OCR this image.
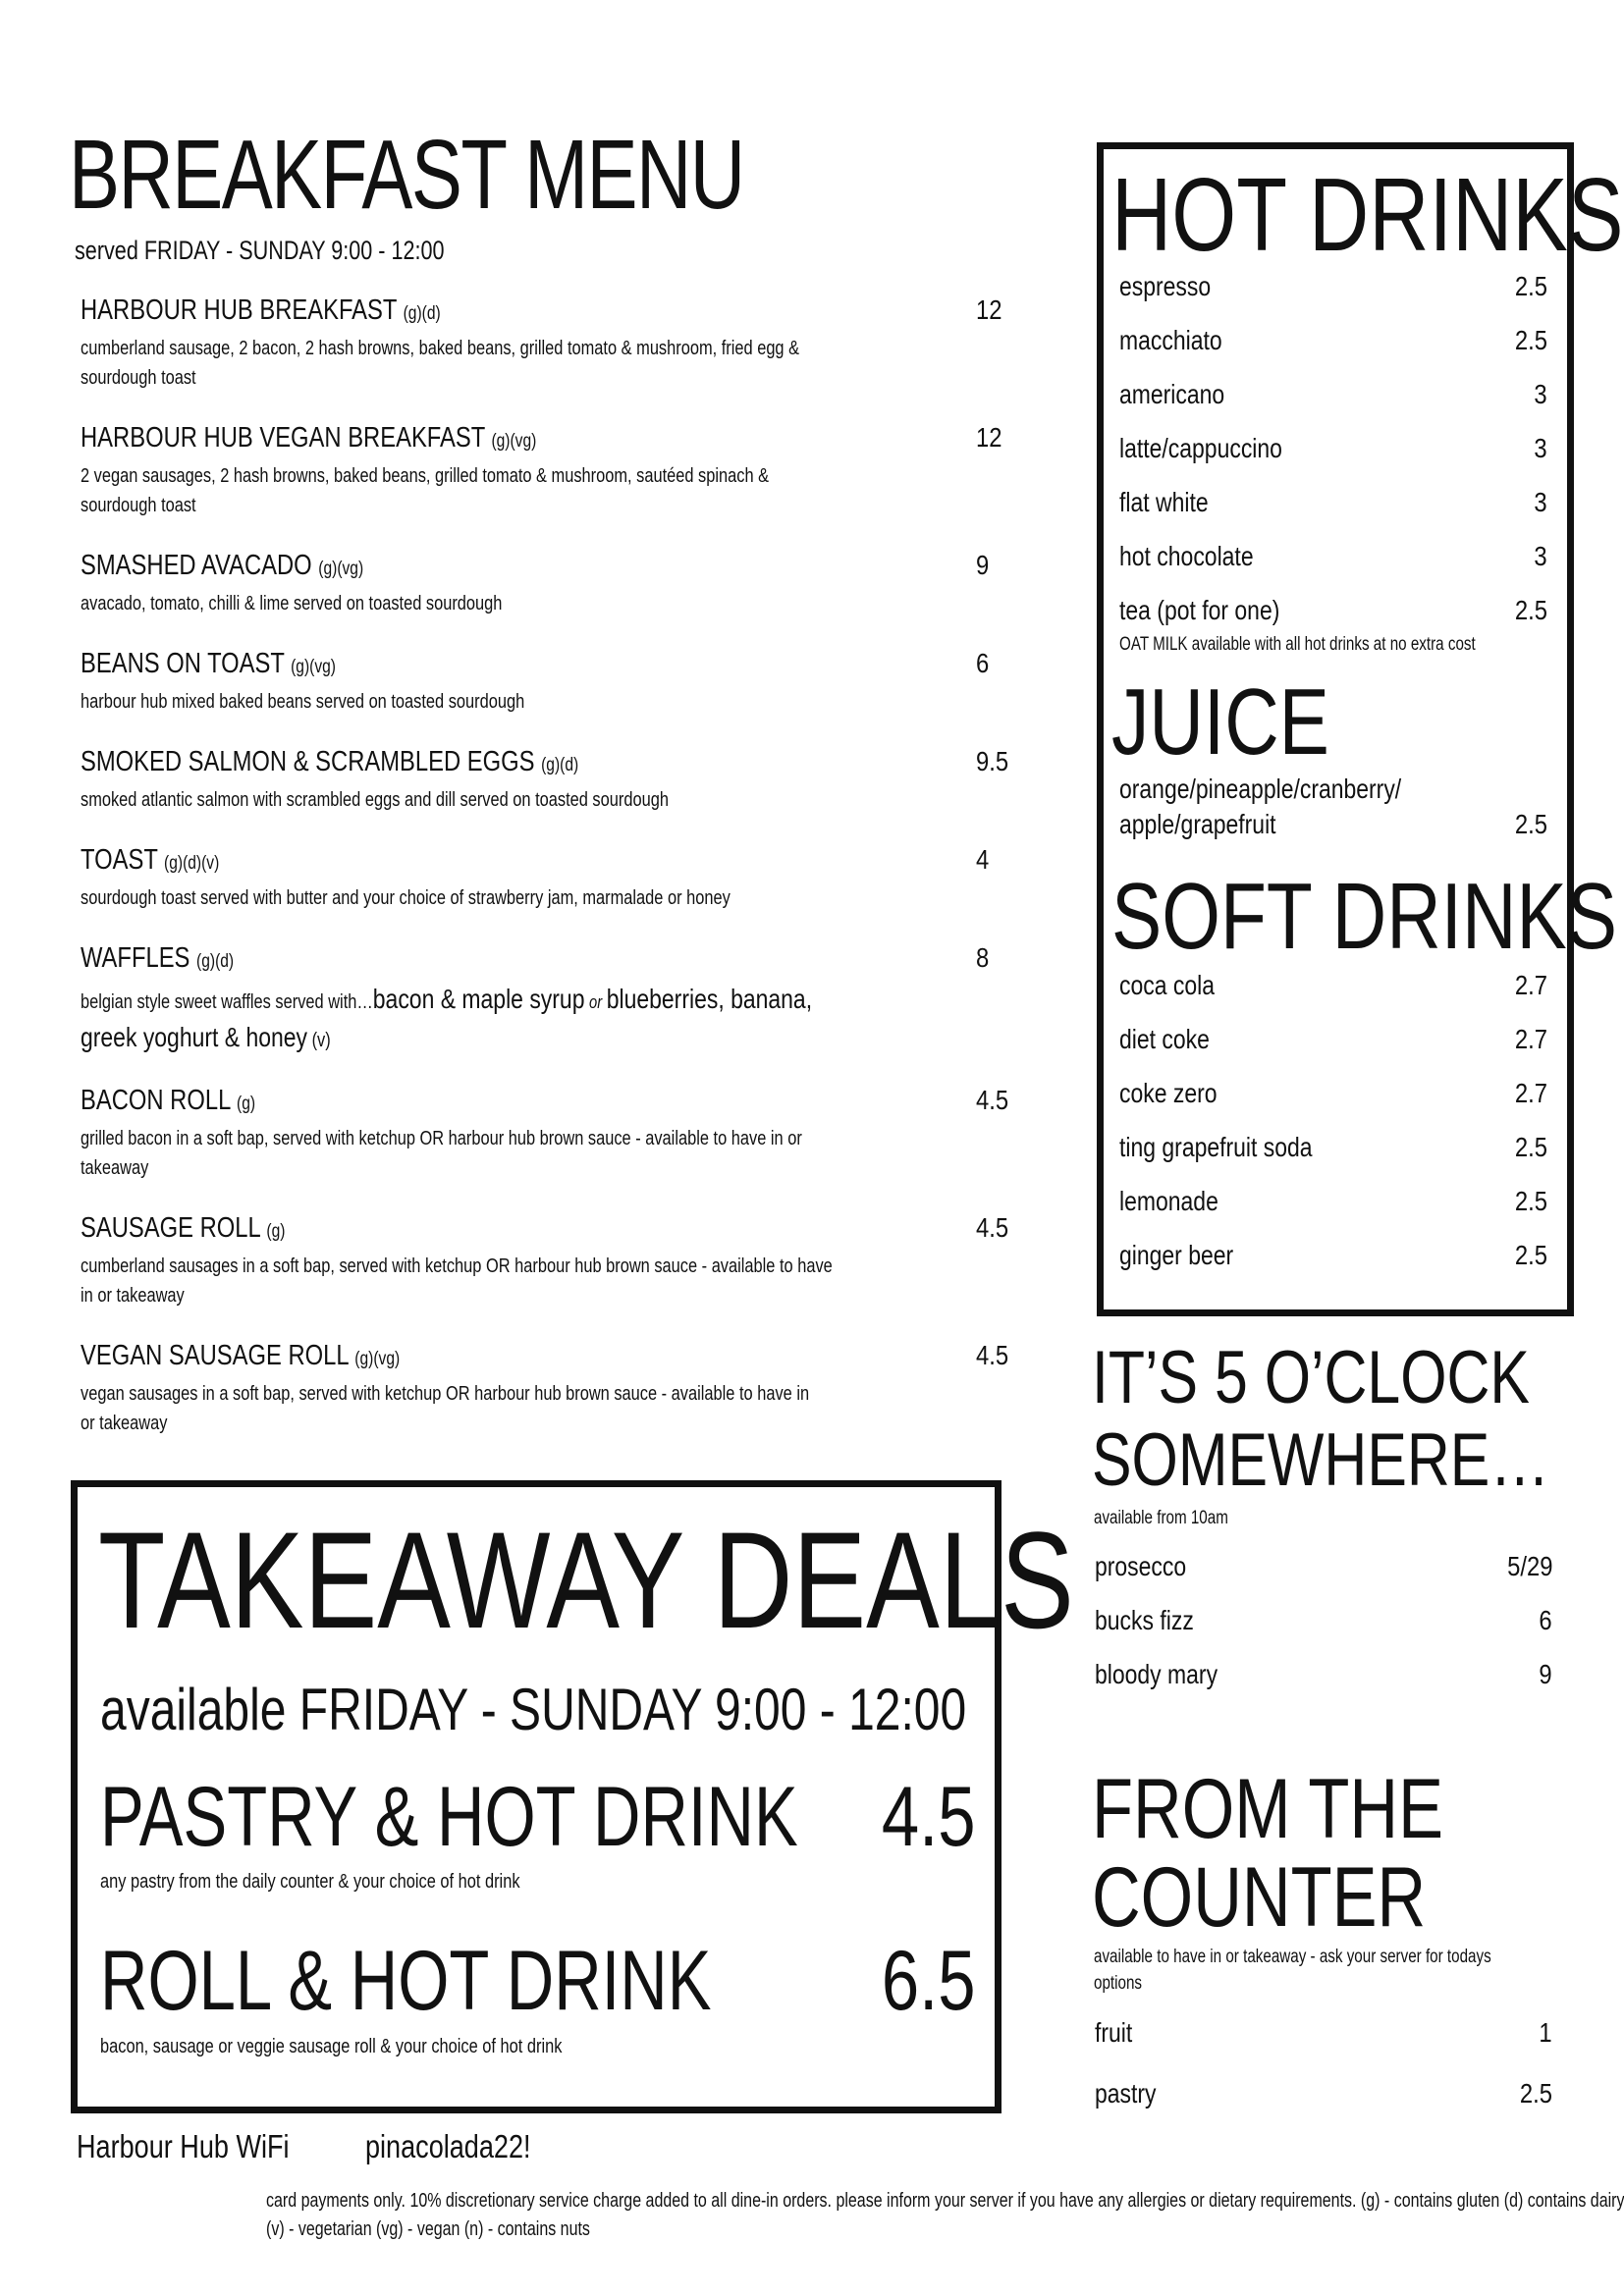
BREAKFAST MENU
served FRIDAY - SUNDAY 9:00 - 12:00
HARBOUR HUB BREAKFAST (g)(d)	12
cumberland sausage, 2 bacon, 2 hash browns, baked beans, grilled tomato & mushroom, fried egg &
sourdough toast
HARBOUR HUB VEGAN BREAKFAST (g)(vg)	12
2 vegan sausages, 2 hash browns, baked beans, grilled tomato & mushroom, sautéed spinach &
sourdough toast
SMASHED AVACADO (g)(vg)	9
avacado, tomato, chilli & lime served on toasted sourdough
BEANS ON TOAST (g)(vg)	6
harbour hub mixed baked beans served on toasted sourdough
SMOKED SALMON & SCRAMBLED EGGS (g)(d)	9.5
smoked atlantic salmon with scrambled eggs and dill served on toasted sourdough
TOAST (g)(d)(v)	4
sourdough toast served with butter and your choice of strawberry jam, marmalade or honey
WAFFLES (g)(d)	8
belgian style sweet waffles served with…bacon & maple syrup or blueberries, banana,
greek yoghurt & honey (v)
BACON ROLL (g)	4.5
grilled bacon in a soft bap, served with ketchup OR harbour hub brown sauce - available to have in or
takeaway
SAUSAGE ROLL (g)	4.5
cumberland sausages in a soft bap, served with ketchup OR harbour hub brown sauce - available to have
in or takeaway
VEGAN SAUSAGE ROLL (g)(vg)	4.5
vegan sausages in a soft bap, served with ketchup OR harbour hub brown sauce - available to have in
or takeaway
HOT DRINKS
espresso	2.5
macchiato	2.5
americano	3
latte/cappuccino	3
flat white	3
hot chocolate	3
tea (pot for one)	2.5
OAT MILK available with all hot drinks at no extra cost
JUICE
orange/pineapple/cranberry/
apple/grapefruit	2.5
SOFT DRINKS
coca cola	2.7
diet coke	2.7
coke zero	2.7
ting grapefruit soda	2.5
lemonade	2.5
ginger beer	2.5
IT’S 5 O’CLOCK
SOMEWHERE…
available from 10am
prosecco	5/29
bucks fizz	6
bloody mary	9
FROM THE
COUNTER
available to have in or takeaway - ask your server for todays
options
fruit	1
pastry	2.5
TAKEAWAY DEALS
available FRIDAY - SUNDAY 9:00 - 12:00
PASTRY & HOT DRINK 4.5
any pastry from the daily counter & your choice of hot drink
ROLL & HOT DRINK 6.5
bacon, sausage or veggie sausage roll & your choice of hot drink
Harbour Hub WiFi pinacolada22!
card payments only. 10% discretionary service charge added to all dine-in orders. please inform your server if you have any allergies or dietary requirements. (g) - contains gluten (d) contains dairy
(v) - vegetarian (vg) - vegan (n) - contains nuts
